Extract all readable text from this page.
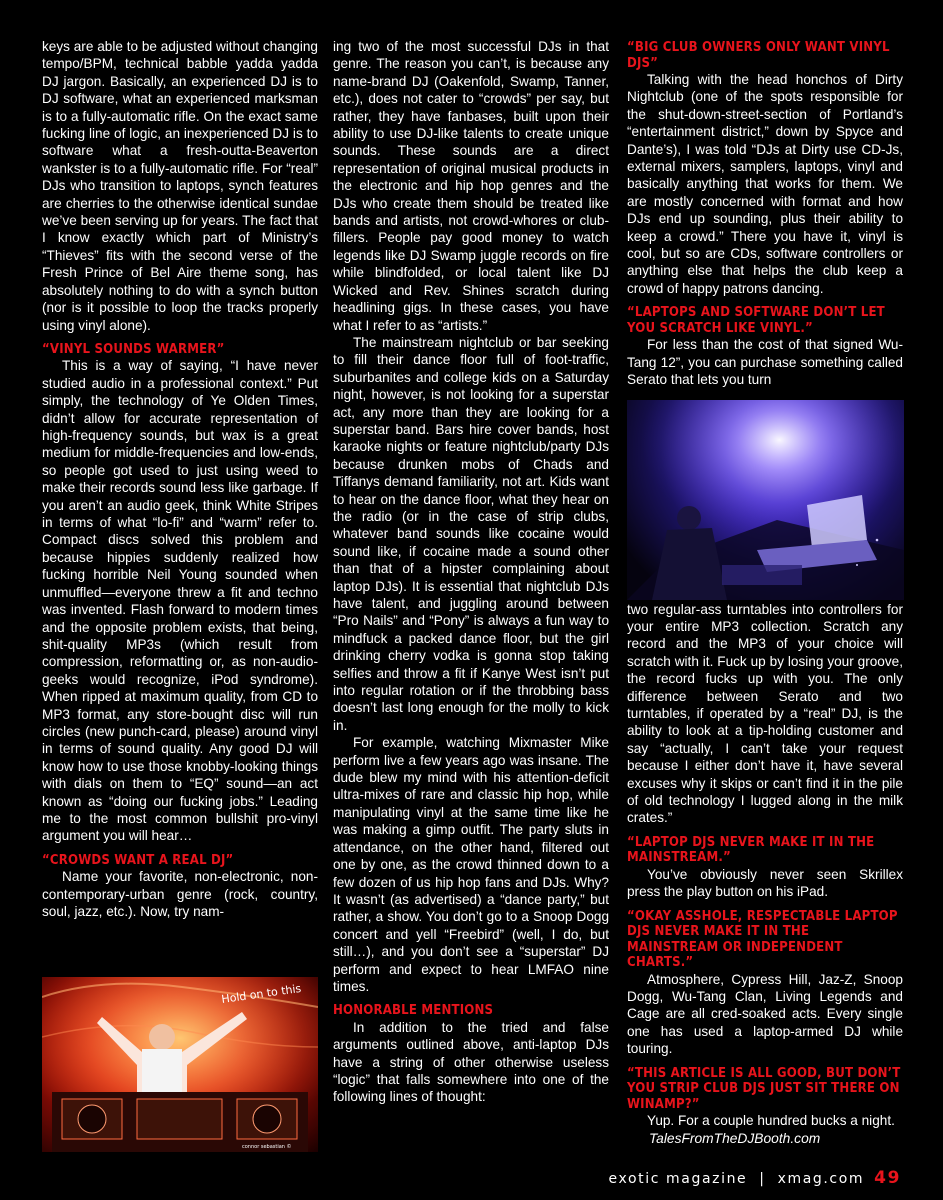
keys are able to be adjusted without changing tempo/BPM, technical babble yadda yadda DJ jargon. Basically, an experienced DJ is to DJ software, what an experienced marksman is to a fully-automatic rifle. On the exact same fucking line of logic, an inexperienced DJ is to software what a fresh-outta-Beaverton wankster is to a fully-automatic rifle. For “real” DJs who transition to laptops, synch features are cherries to the otherwise identical sundae we’ve been serving up for years. The fact that I know exactly which part of Ministry’s “Thieves” fits with the second verse of the Fresh Prince of Bel Aire theme song, has absolutely nothing to do with a synch button (nor is it possible to loop the tracks properly using vinyl alone).

“VINYL SOUNDS WARMER”

This is a way of saying, “I have never studied audio in a professional context.” Put simply, the technology of Ye Olden Times, didn’t allow for accurate representation of high-frequency sounds, but wax is a great medium for middle-frequencies and low-ends, so people got used to just using weed to make their records sound less like garbage. If you aren’t an audio geek, think White Stripes in terms of what “lo-fi” and “warm” refer to. Compact discs solved this problem and because hippies suddenly realized how fucking horrible Neil Young sounded when unmuffled—everyone threw a fit and techno was invented. Flash forward to modern times and the opposite problem exists, that being, shit-quality MP3s (which result from compression, reformatting or, as non-audio-geeks would recognize, iPod syndrome). When ripped at maximum quality, from CD to MP3 format, any store-bought disc will run circles (new punch-card, please) around vinyl in terms of sound quality. Any good DJ will know how to use those knobby-looking things with dials on them to “EQ” sound—an act known as “doing our fucking jobs.” Leading me to the most common bullshit pro-vinyl argument you will hear…

“CROWDS WANT A REAL DJ”

Name your favorite, non-electronic, non-contemporary-urban genre (rock, country, soul, jazz, etc.). Now, try nam-

Hold on to this
connor sebastian ©

ing two of the most successful DJs in that genre. The reason you can’t, is because any name-brand DJ (Oakenfold, Swamp, Tanner, etc.), does not cater to “crowds” per say, but rather, they have fanbases, built upon their ability to use DJ-like talents to create unique sounds. These sounds are a direct representation of original musical products in the electronic and hip hop genres and the DJs who create them should be treated like bands and artists, not crowd-whores or club-fillers. People pay good money to watch legends like DJ Swamp juggle records on fire while blindfolded, or local talent like DJ Wicked and Rev. Shines scratch during headlining gigs. In these cases, you have what I refer to as “artists.”

The mainstream nightclub or bar seeking to fill their dance floor full of foot-traffic, suburbanites and college kids on a Saturday night, however, is not looking for a superstar act, any more than they are looking for a superstar band. Bars hire cover bands, host karaoke nights or feature nightclub/party DJs because drunken mobs of Chads and Tiffanys demand familiarity, not art. Kids want to hear on the dance floor, what they hear on the radio (or in the case of strip clubs, whatever band sounds like cocaine would sound like, if cocaine made a sound other than that of a hipster complaining about laptop DJs). It is essential that nightclub DJs have talent, and juggling around between “Pro Nails” and “Pony” is always a fun way to mindfuck a packed dance floor, but the girl drinking cherry vodka is gonna stop taking selfies and throw a fit if Kanye West isn’t put into regular rotation or if the throbbing bass doesn’t last long enough for the molly to kick in.

For example, watching Mixmaster Mike perform live a few years ago was insane. The dude blew my mind with his attention-deficit ultra-mixes of rare and classic hip hop, while manipulating vinyl at the same time like he was making a gimp outfit. The party sluts in attendance, on the other hand, filtered out one by one, as the crowd thinned down to a few dozen of us hip hop fans and DJs. Why? It wasn’t (as advertised) a “dance party,” but rather, a show. You don’t go to a Snoop Dogg concert and yell “Freebird” (well, I do, but still…), and you don’t see a “superstar” DJ perform and expect to hear LMFAO nine times.

HONORABLE MENTIONS

In addition to the tried and false arguments outlined above, anti-laptop DJs have a string of other otherwise useless “logic” that falls somewhere into one of the following lines of thought:

“BIG CLUB OWNERS ONLY WANT VINYL DJS”

Talking with the head honchos of Dirty Nightclub (one of the spots responsible for the shut-down-street-section of Portland’s “entertainment district,” down by Spyce and Dante’s), I was told “DJs at Dirty use CD-Js, external mixers, samplers, laptops, vinyl and basically anything that works for them. We are mostly concerned with format and how DJs end up sounding, plus their ability to keep a crowd.” There you have it, vinyl is cool, but so are CDs, software controllers or anything else that helps the club keep a crowd of happy patrons dancing.

“LAPTOPS AND SOFTWARE DON’T LET YOU SCRATCH LIKE VINYL.”

For less than the cost of that signed Wu-Tang 12”, you can purchase something called Serato that lets you turn

two regular-ass turntables into controllers for your entire MP3 collection. Scratch any record and the MP3 of your choice will scratch with it. Fuck up by losing your groove, the record fucks up with you. The only difference between Serato and two turntables, if operated by a “real” DJ, is the ability to look at a tip-holding customer and say “actually, I can’t take your request because I either don’t have it, have several excuses why it skips or can’t find it in the pile of old technology I lugged along in the milk crates.”

“LAPTOP DJS NEVER MAKE IT IN THE MAINSTREAM.”

You’ve obviously never seen Skrillex press the play button on his iPad.

“OKAY ASSHOLE, RESPECTABLE LAPTOP DJS NEVER MAKE IT IN THE MAINSTREAM OR INDEPENDENT CHARTS.”

Atmosphere, Cypress Hill, Jaz-Z, Snoop Dogg, Wu-Tang Clan, Living Legends and Cage are all cred-soaked acts. Every single one has used a laptop-armed DJ while touring.

“THIS ARTICLE IS ALL GOOD, BUT DON’T YOU STRIP CLUB DJS JUST SIT THERE ON WINAMP?”

Yup. For a couple hundred bucks a night.

TalesFromTheDJBooth.com

exotic magazine | xmag.com 49
